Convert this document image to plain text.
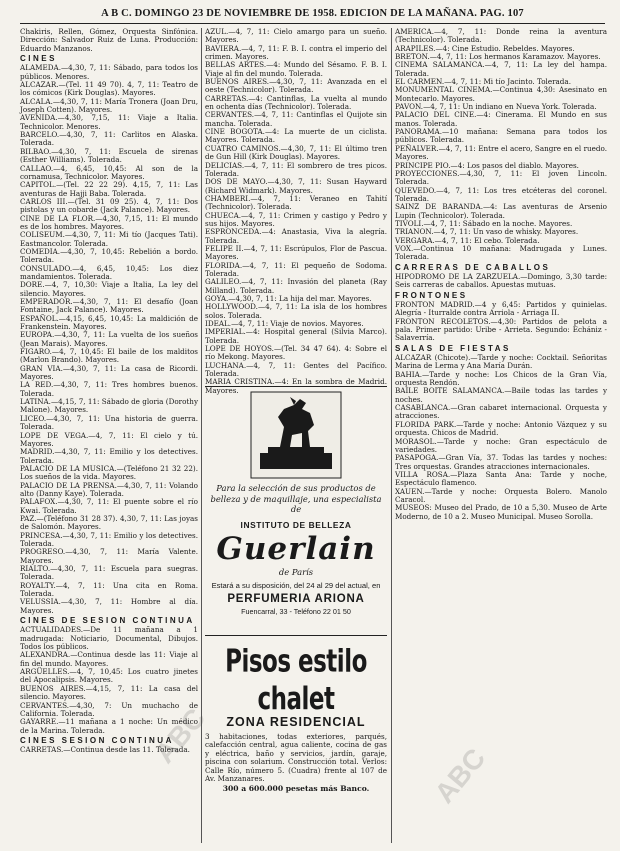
A B C. DOMINGO 23 DE NOVIEMBRE DE 1958. EDICION DE LA MAÑANA. PAG. 107
Chakiris, Rellen, Gómez, Orquesta Sinfónica. Dirección: Salvador Ruiz de Luna. Producción: Eduardo Manzanos.
CINES
ALAMEDA.—4,30, 7, 11: Sábado, para todos los públicos. Menores.
ALCAZAR.—(Tel. 11 49 70). 4, 7, 11: Teatro de los cómicos (Kirk Douglas). Mayores.
ALCALA.—4,30, 7, 11: María Tronera (Joan Dru, Joseph Cotten). Mayores.
AVENIDA.—4,30, 7,15, 11: Viaje a Italia. Technicolor. Menores.
BARCELO.—4,30, 7, 11: Carlitos en Alaska. Tolerada.
BILBAO.—4,30, 7, 11: Escuela de sirenas (Esther Williams). Tolerada.
CALLAO.—4, 6,45, 10,45: Al son de la cornamusa, Technicolor. Mayores.
CAPITOL.—(Tel. 22 22 29). 4,15, 7, 11: Las aventuras de Hajji Baba. Tolerada.
CARLOS III.—(Tel. 31 09 25). 4, 7, 11: Dos pistolas y un cobarde (Jack Palance). Mayores.
CINE DE LA FLOR.—4,30, 7,15, 11: El mundo es de los hombres. Mayores.
COLISEUM.—4,30, 7, 11: Mi tío (Jacques Tati). Eastmancolor. Tolerada.
COMEDIA.—4,30, 7, 10,45: Rebelión a bordo. Tolerada.
CONSULADO.—4, 6,45, 10,45: Los diez mandamientos. Tolerada.
DORE.—4, 7, 10,30: Viaje a Italia, La ley del silencio. Mayores.
EMPERADOR.—4,30, 7, 11: El desafío (Joan Fontaine, Jack Palance). Mayores.
ESPAÑOL.—4,15, 6,45, 10,45: La maldición de Frankenstein. Mayores.
EUROPA.—4,30, 7, 11: La vuelta de los sueños (Jean Marais). Mayores.
FIGARO.—4, 7, 10,45: El baile de los malditos (Marlon Brando). Mayores.
GRAN VIA.—4,30, 7, 11: La casa de Ricordi. Mayores.
LA RED.—4,30, 7, 11: Tres hombres buenos. Tolerada.
LATINA.—4,15, 7, 11: Sábado de gloria (Dorothy Malone). Mayores.
LICEO.—4,30, 7, 11: Una historia de guerra. Tolerada.
LOPE DE VEGA.—4, 7, 11: El cielo y tú. Mayores.
MADRID.—4,30, 7, 11: Emilio y los detectives. Tolerada.
PALACIO DE LA MUSICA.—(Teléfono 21 32 22). Los sueños de la vida. Mayores.
PALACIO DE LA PRENSA.—4,30, 7, 11: Volando alto (Danny Kaye). Tolerada.
PALAFOX.—4,30, 7, 11: El puente sobre el río Kwai. Tolerada.
PAZ.—(Teléfono 31 28 37). 4,30, 7, 11: Las joyas de Salomón. Mayores.
PRINCESA.—4,30, 7, 11: Emilio y los detectives. Tolerada.
PROGRESO.—4,30, 7, 11: María Valente. Mayores.
RIALTO.—4,30, 7, 11: Escuela para suegras. Tolerada.
ROYALTY.—4, 7, 11: Una cita en Roma. Tolerada.
VELUSSIA.—4,30, 7, 11: Hombre al día. Mayores.
CINES DE SESION CONTINUA
ACTUALIDADES.—De 11 mañana a 1 madrugada: Noticiario, Documental, Dibujos. Todos los públicos.
ALEXANDRA.—Continua desde las 11: Viaje al fin del mundo. Mayores.
ARGÜELLES.—4, 7, 10,45: Los cuatro jinetes del Apocalipsis. Mayores.
BUENOS AIRES.—4,15, 7, 11: La casa del silencio. Mayores.
CERVANTES.—4,30, 7: Un muchacho de California. Tolerada.
GAYARRE.—11 mañana a 1 noche: Un médico de la Marina. Tolerada.
CINES SESION CONTINUA
CARRETAS.—Continua desde las 11. Tolerada.
AZUL.—4, 7, 11: Cielo amargo para un sueño. Mayores.
BAVIERA.—4, 7, 11: F. B. I. contra el imperio del crimen. Mayores.
BELLAS ARTES.—4: Mundo del Sésamo. F. B. I. Viaje al fin del mundo. Tolerada.
BUENOS AIRES.—4,30, 7, 11: Avanzada en el oeste (Technicolor). Tolerada.
CARRETAS.—4: Cantinflas, La vuelta al mundo en ochenta días (Technicolor). Tolerada.
CERVANTES.—4, 7, 11: Cantinflas el Quijote sin mancha. Tolerada.
CINE BOGOTA.—4: La muerte de un ciclista. Mayores. Tolerada.
CUATRO CAMINOS.—4,30, 7, 11: El último tren de Gun Hill (Kirk Douglas). Mayores.
DELICIAS.—4, 7, 11: El sombrero de tres picos. Tolerada.
DOS DE MAYO.—4,30, 7, 11: Susan Hayward (Richard Widmark). Mayores.
CHAMBERI.—4, 7, 11: Veraneo en Tahití (Technicolor). Tolerada.
CHUECA.—4, 7, 11: Crimen y castigo y Pedro y sus hijos. Mayores.
ESPRONCEDA.—4: Anastasia, Viva la alegría. Tolerada.
FELIPE II.—4, 7, 11: Escrúpulos, Flor de Pascua. Mayores.
FLORIDA.—4, 7, 11: El pequeño de Sodoma. Tolerada.
GALILEO.—4, 7, 11: Invasión del planeta (Ray Milland). Tolerada.
GOYA.—4,30, 7, 11: La hija del mar. Mayores.
HOLLYWOOD.—4, 7, 11: La isla de los hombres solos. Tolerada.
IDEAL.—4, 7, 11: Viaje de novios. Mayores.
IMPERIAL.—4: Hospital general (Silvia Marco). Tolerada.
LOPE DE HOYOS.—(Tel. 34 47 64). 4: Sobre el río Mekong. Mayores.
LUCHANA.—4, 7, 11: Gentes del Pacífico. Tolerada.
MARIA CRISTINA.—4: En la sombra de Madrid. Mayores.
Para la selección de sus productos de belleza y de maquillaje, una especialista de
INSTITUTO DE BELLEZA
Guerlain
de París
Estará a su disposición, del 24 al 29 del actual, en
PERFUMERIA ARIONA
Fuencarral, 33 - Teléfono 22 01 50
Pisos estilo chalet
ZONA RESIDENCIAL
3 habitaciones, todas exteriores, parqués, calefacción central, agua caliente, cocina de gas y eléctrica, baño y servicios, jardín, garaje, piscina con solarium. Construcción total. Verlos: Calle Río, número 5. (Cuadra) frente al 107 de Av. Manzanares.
300 a 600.000 pesetas más Banco.
AMERICA.—4, 7, 11: Donde reina la aventura (Technicolor). Tolerada.
ARAPILES.—4: Cine Estudio. Rebeldes. Mayores.
BRETON.—4, 7, 11: Los hermanos Karamazov. Mayores.
CINEMA SALAMANCA.—4, 7, 11: La ley del hampa. Tolerada.
EL CARMEN.—4, 7, 11: Mi tío Jacinto. Tolerada.
MONUMENTAL CINEMA.—Continua 4,30: Asesinato en Montecarlo. Mayores.
PAVON.—4, 7, 11: Un indiano en Nueva York. Tolerada.
PALACIO DEL CINE.—4: Cinerama. El Mundo en sus manos. Tolerada.
PANORAMA.—10 mañana: Semana para todos los públicos. Tolerada.
PEÑALVER.—4, 7, 11: Entre el acero, Sangre en el ruedo. Mayores.
PRINCIPE PIO.—4: Los pasos del diablo. Mayores.
PROYECCIONES.—4,30, 7, 11: El joven Lincoln. Tolerada.
QUEVEDO.—4, 7, 11: Los tres etcéteras del coronel. Tolerada.
SAINZ DE BARANDA.—4: Las aventuras de Arsenio Lupin (Technicolor). Tolerada.
TIVOLI.—4, 7, 11: Sábado en la noche. Mayores.
TRIANON.—4, 7, 11: Un vaso de whisky. Mayores.
VERGARA.—4, 7, 11: El cebo. Tolerada.
VOX.—Continua 10 mañana: Madrugada y Lunes. Tolerada.
CARRERAS DE CABALLOS
HIPODROMO DE LA ZARZUELA.—Domingo, 3,30 tarde: Seis carreras de caballos. Apuestas mutuas.
FRONTONES
FRONTON MADRID.—4 y 6,45: Partidos y quinielas. Alegría - Iturralde contra Arriola - Arriaga II.
FRONTON RECOLETOS.—4,30: Partidos de pelota a pala. Primer partido: Uribe - Arrieta. Segundo: Echániz - Salaverría.
SALAS DE FIESTAS
ALCAZAR (Chicote).—Tarde y noche: Cocktail. Señoritas Marina de Lerma y Ana María Durán.
BAHIA.—Tarde y noche: Los Chicos de la Gran Vía, orquesta Rendón.
BAILE BOITE SALAMANCA.—Baile todas las tardes y noches.
CASABLANCA.—Gran cabaret internacional. Orquesta y atracciones.
FLORIDA PARK.—Tarde y noche: Antonio Vázquez y su orquesta. Chicos de Madrid.
MORASOL.—Tarde y noche: Gran espectáculo de variedades.
PASAPOGA.—Gran Vía, 37. Todas las tardes y noches: Tres orquestas. Grandes atracciones internacionales.
VILLA ROSA.—Plaza Santa Ana: Tarde y noche, Espectáculo flamenco.
XAUEN.—Tarde y noche: Orquesta Bolero. Manolo Caracol.
MUSEOS: Museo del Prado, de 10 a 5,30. Museo de Arte Moderno, de 10 a 2. Museo Municipal. Museo Sorolla.
ABC
ABC
